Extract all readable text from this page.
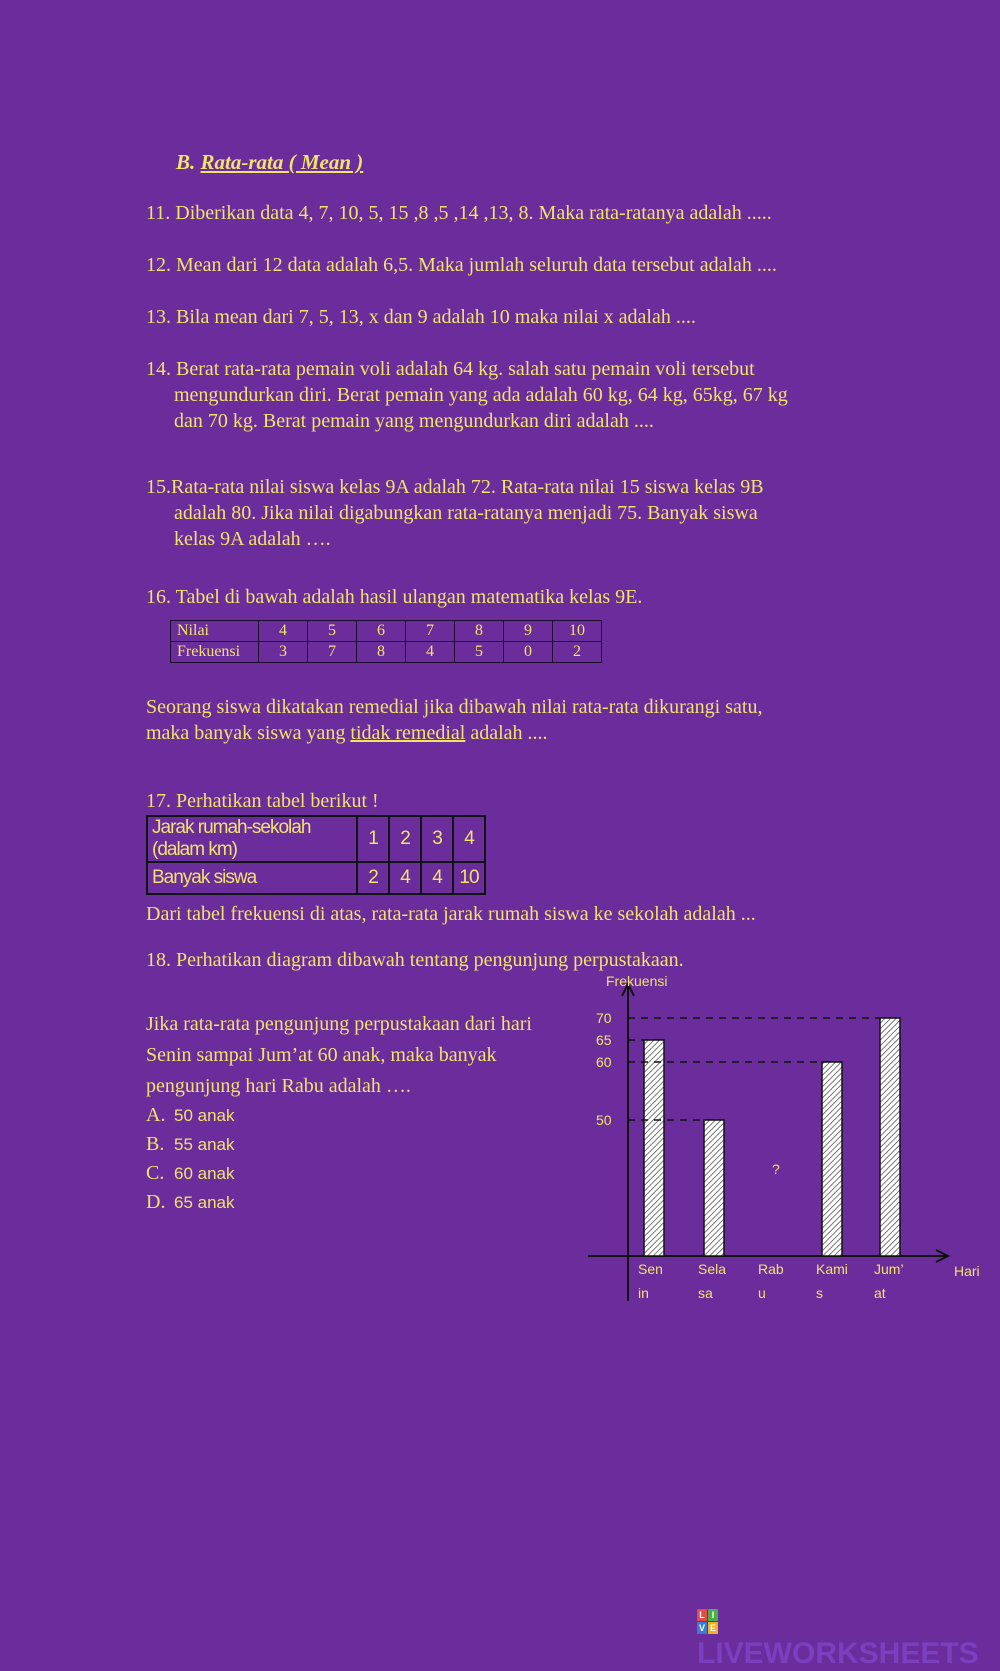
B. Rata-rata ( Mean )
11. Diberikan data 4, 7, 10, 5, 15 ,8 ,5 ,14 ,13, 8. Maka rata-ratanya adalah .....
12. Mean dari 12 data adalah 6,5. Maka jumlah seluruh data tersebut adalah ....
13. Bila mean dari 7, 5, 13, x dan 9 adalah 10 maka nilai x adalah ....
14. Berat rata-rata pemain voli adalah 64 kg. salah satu pemain voli tersebut
mengundurkan diri. Berat pemain yang ada adalah 60 kg, 64 kg, 65kg, 67 kg
dan 70 kg. Berat pemain yang mengundurkan diri adalah ....
15.Rata-rata nilai siswa kelas 9A adalah 72. Rata-rata nilai 15 siswa kelas 9B
adalah 80. Jika nilai digabungkan rata-ratanya menjadi 75. Banyak siswa
kelas 9A adalah ….
16. Tabel di bawah adalah hasil ulangan matematika kelas 9E.
Nilai	4	5	6	7	8	9	10
Frekuensi	3	7	8	4	5	0	2
Seorang siswa dikatakan remedial jika dibawah nilai rata-rata dikurangi satu,
maka banyak siswa yang tidak remedial adalah ....
17. Perhatikan tabel berikut !
Jarak rumah-sekolah (dalam km)	1	2	3	4
Banyak siswa	2	4	4	10
Dari tabel frekuensi di atas, rata-rata jarak rumah siswa ke sekolah adalah ...
18. Perhatikan diagram dibawah tentang pengunjung perpustakaan.
Jika rata-rata pengunjung perpustakaan dari hari
Senin sampai Jum’at 60 anak, maka banyak
pengunjung hari Rabu adalah ….
A. 50 anak
B. 55 anak
C. 60 anak
D. 65 anak
Frekuensi
Hari
50
60
65
70
Sen
in
Sela
sa
?
Rab
u
Kami
s
Jum’
at
L I
V E
LIVEWORKSHEETS
